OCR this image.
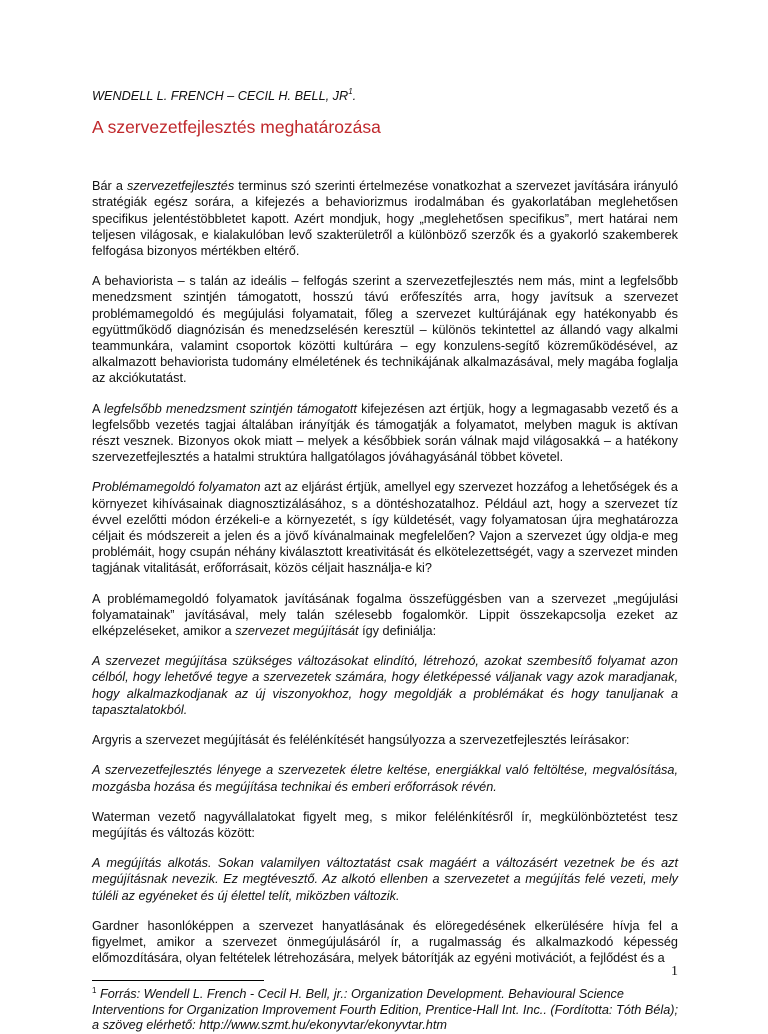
WENDELL L. FRENCH – CECIL H. BELL, $JR^1$.

A szervezetfejlesztés meghatározása

Bár a szervezetfejlesztés terminus szó szerinti értelmezése vonatkozhat a szervezet javítására irányuló stratégiák egész sorára, a kifejezés a behaviorizmus irodalmában és gyakorlatában meglehetősen specifikus jelentéstöbbletet kapott. Azért mondjuk, hogy „meglehetősen specifikus”, mert határai nem teljesen világosak, e kialakulóban levő szakterületről a különböző szerzők és a gyakorló szakemberek felfogása bizonyos mértékben eltérő.

A behaviorista – s talán az ideális – felfogás szerint a szervezetfejlesztés nem más, mint a legfelsőbb menedzsment szintjén támogatott, hosszú távú erőfeszítés arra, hogy javítsuk a szervezet problémamegoldó és megújulási folyamatait, főleg a szervezet kultúrájának egy hatékonyabb és együttműködő diagnózisán és menedzselésén keresztül – különös tekintettel az állandó vagy alkalmi teammunkára, valamint csoportok közötti kultúrára – egy konzulens-segítő közreműködésével, az alkalmazott behaviorista tudomány elméletének és technikájának alkalmazásával, mely magába foglalja az akciókutatást.

A legfelsőbb menedzsment szintjén támogatott kifejezésen azt értjük, hogy a legmagasabb vezető és a legfelsőbb vezetés tagjai általában irányítják és támogatják a folyamatot, melyben maguk is aktívan részt vesznek. Bizonyos okok miatt – melyek a későbbiek során válnak majd világosakká – a hatékony szervezetfejlesztés a hatalmi struktúra hallgatólagos jóváhagyásánál többet követel.

Problémamegoldó folyamaton azt az eljárást értjük, amellyel egy szervezet hozzáfog a lehetőségek és a környezet kihívásainak diagnosztizálásához, s a döntéshozatalhoz. Például azt, hogy a szervezet tíz évvel ezelőtti módon érzékeli-e a környezetét, s így küldetését, vagy folyamatosan újra meghatározza céljait és módszereit a jelen és a jövő kívánalmainak megfelelően? Vajon a szervezet úgy oldja-e meg problémáit, hogy csupán néhány kiválasztott kreativitását és elkötelezettségét, vagy a szervezet minden tagjának vitalitását, erőforrásait, közös céljait használja-e ki?

A problémamegoldó folyamatok javításának fogalma összefüggésben van a szervezet „megújulási folyamatainak” javításával, mely talán szélesebb fogalomkör. Lippit összekapcsolja ezeket az elképzeléseket, amikor a szervezet megújítását így definiálja:

A szervezet megújítása szükséges változásokat elindító, létrehozó, azokat szembesítő folyamat azon célból, hogy lehetővé tegye a szervezetek számára, hogy életképessé váljanak vagy azok maradjanak, hogy alkalmazkodjanak az új viszonyokhoz, hogy megoldják a problémákat és hogy tanuljanak a tapasztalatokból.

Argyris a szervezet megújítását és felélénkítését hangsúlyozza a szervezetfejlesztés leírásakor:

A szervezetfejlesztés lényege a szervezetek életre keltése, energiákkal való feltöltése, megvalósítása, mozgásba hozása és megújítása technikai és emberi erőforrások révén.

Waterman vezető nagyvállalatokat figyelt meg, s mikor felélénkítésről ír, megkülönböztetést tesz megújítás és változás között:

A megújítás alkotás. Sokan valamilyen változtatást csak magáért a változásért vezetnek be és azt megújításnak nevezik. Ez megtévesztő. Az alkotó ellenben a szervezetet a megújítás felé vezeti, mely túléli az egyéneket és új élettel telít, miközben változik.

Gardner hasonlóképpen a szervezet hanyatlásának és elöregedésének elkerülésére hívja fel a figyelmet, amikor a szervezet önmegújulásáról ír, a rugalmasság és alkalmazkodó képesség előmozdítására, olyan feltételek létrehozására, melyek bátorítják az egyéni motivációt, a fejlődést és a

$^1$ Forrás: Wendell L. French - Cecil H. Bell, jr.: Organization Development. Behavioural Science Interventions for Organization Improvement Fourth Edition, Prentice-Hall Int. Inc.. (Fordította: Tóth Béla); a szöveg elérhető: http://www.szmt.hu/ekonyvtar/ekonyvtar.htm

1
